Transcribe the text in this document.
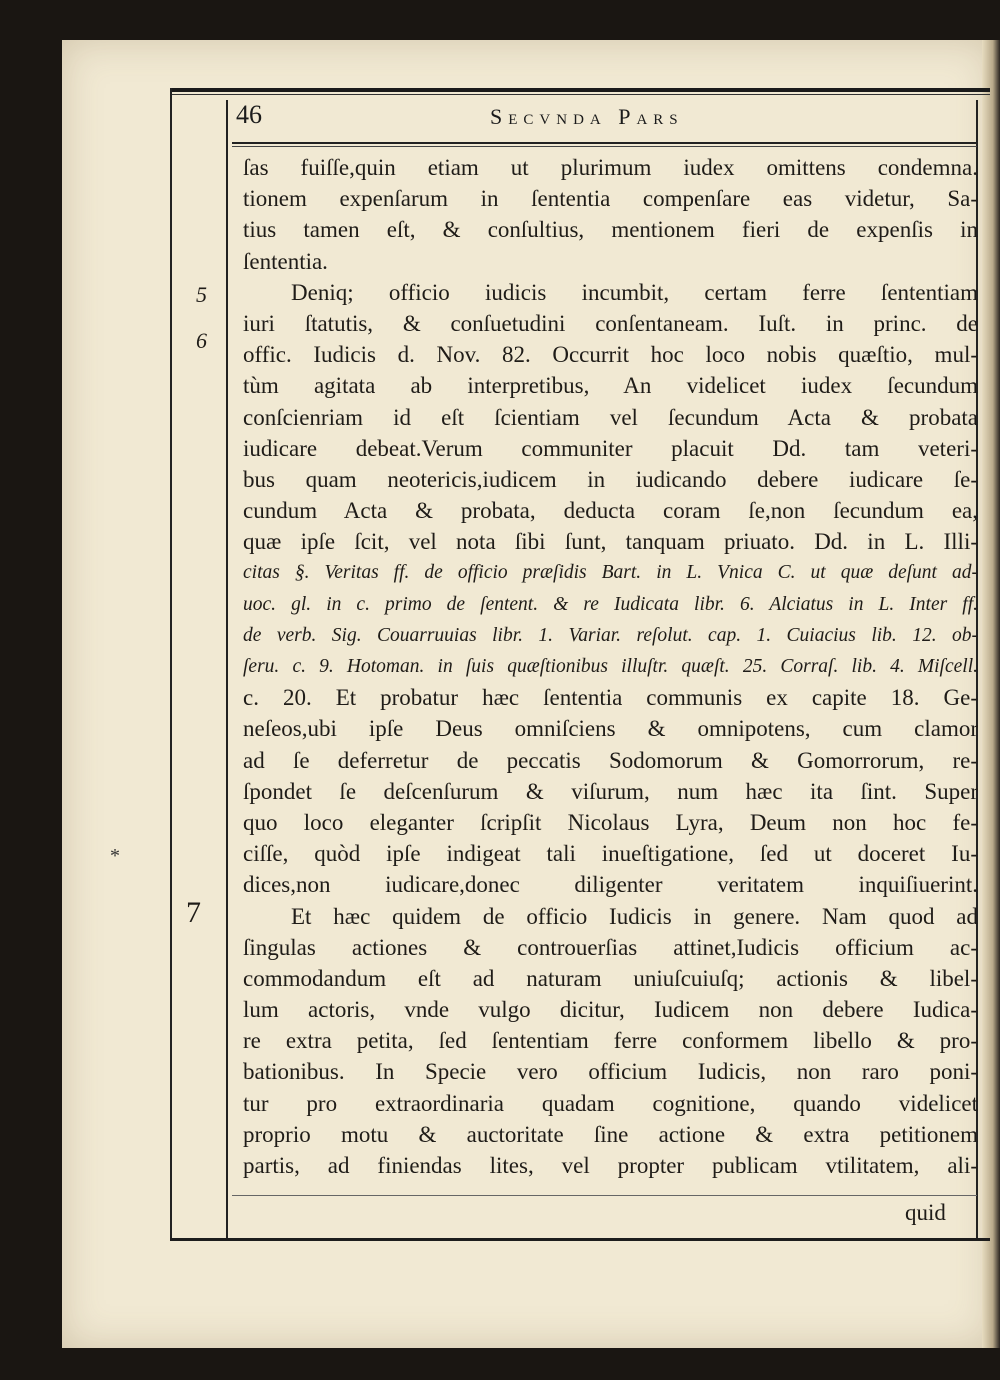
46	Secvnda Pars
5
6
7
*
ſas fuiſſe,quin etiam ut plurimum iudex omittens condemna.
tionem expenſarum in ſententia compenſare eas videtur, Sa-
tius tamen eſt, & conſultius, mentionem fieri de expenſis in
ſententia.
Deniq; officio iudicis incumbit, certam ferre ſententiam
iuri ſtatutis, & conſuetudini conſentaneam. Iuſt. in princ. de
offic. Iudicis d. Nov. 82. Occurrit hoc loco nobis quæſtio, mul-
tùm agitata ab interpretibus, An videlicet iudex ſecundum
conſcienriam id eſt ſcientiam vel ſecundum Acta & probata
iudicare debeat.Verum communiter placuit Dd. tam veteri-
bus quam neotericis,iudicem in iudicando debere iudicare ſe-
cundum Acta & probata, deducta coram ſe,non ſecundum ea,
quæ ipſe ſcit, vel nota ſibi ſunt, tanquam priuato. Dd. in L. Illi-
citas §. Veritas ff. de officio præſidis Bart. in L. Vnica C. ut quæ deſunt ad-
uoc. gl. in c. primo de ſentent. & re Iudicata libr. 6. Alciatus in L. Inter ff.
de verb. Sig. Couarruuias libr. 1. Variar. reſolut. cap. 1. Cuiacius lib. 12. ob-
ſeru. c. 9. Hotoman. in ſuis quæſtionibus illuſtr. quæſt. 25. Corraſ. lib. 4. Miſcell.
c. 20. Et probatur hæc ſententia communis ex capite 18. Ge-
neſeos,ubi ipſe Deus omniſciens & omnipotens, cum clamor
ad ſe deferretur de peccatis Sodomorum & Gomorrorum, re-
ſpondet ſe deſcenſurum & viſurum, num hæc ita ſint. Super
quo loco eleganter ſcripſit Nicolaus Lyra, Deum non hoc fe-
ciſſe, quòd ipſe indigeat tali inueſtigatione, ſed ut doceret Iu-
dices,non iudicare,donec diligenter veritatem inquiſiuerint.
Et hæc quidem de officio Iudicis in genere. Nam quod ad
ſingulas actiones & controuerſias attinet,Iudicis officium ac-
commodandum eſt ad naturam uniuſcuiuſq; actionis & libel-
lum actoris, vnde vulgo dicitur, Iudicem non debere Iudica-
re extra petita, ſed ſententiam ferre conformem libello & pro-
bationibus. In Specie vero officium Iudicis, non raro poni-
tur pro extraordinaria quadam cognitione, quando videlicet
proprio motu & auctoritate ſine actione & extra petitionem
partis, ad finiendas lites, vel propter publicam vtilitatem, ali-
quid
